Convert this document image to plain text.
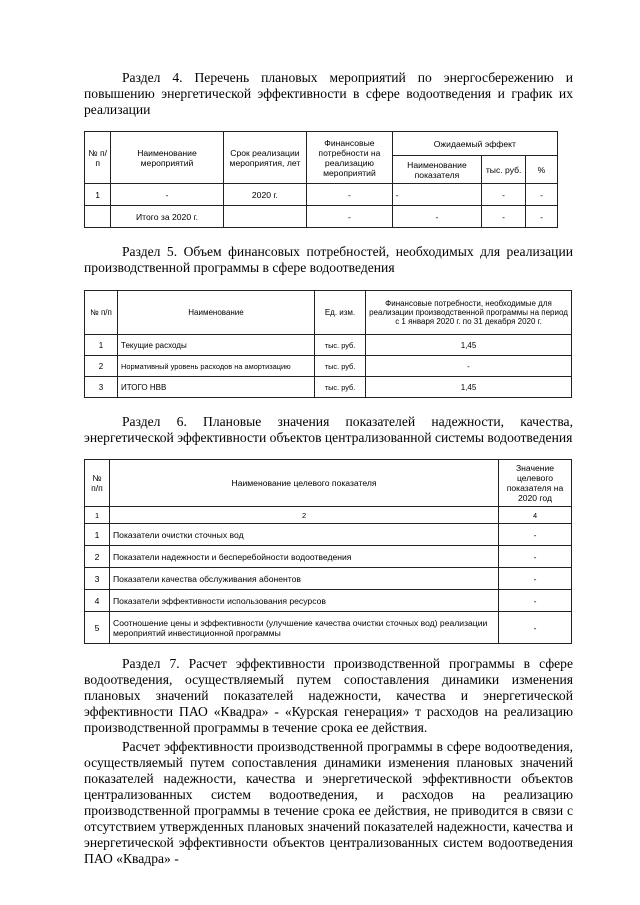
Раздел 4. Перечень плановых мероприятий по энергосбережению и повышению энергетической эффективности в сфере водоотведения и график их реализации

№ п/п	Наименование мероприятий	Срок реализации мероприятия, лет	Финансовые потребности на реализацию мероприятий	Ожидаемый эффект		
				Наименование показателя	тыс. руб.	%
1	-	2020 г.	-	-	-	-
	Итого за 2020 г.		-	-	-	-

Раздел 5. Объем финансовых потребностей, необходимых для реализации производственной программы в сфере водоотведения

№ п/п	Наименование	Ед. изм.	Финансовые потребности, необходимые для реализации производственной программы на период с 1 января 2020 г. по 31 декабря 2020 г.
1	Текущие расходы	тыс. руб.	1,45
2	Нормативный уровень расходов на амортизацию	тыс. руб.	-
3	ИТОГО НВВ	тыс. руб.	1,45

Раздел 6. Плановые значения показателей надежности, качества, энергетической эффективности объектов централизованной системы водоотведения

№ п/п	Наименование целевого показателя	Значение целевого показателя на 2020 год
1	2	4
1	Показатели очистки сточных вод	-
2	Показатели надежности и бесперебойности водоотведения	-
3	Показатели качества обслуживания абонентов	-
4	Показатели эффективности использования ресурсов	-
5	Соотношение цены и эффективности (улучшение качества очистки сточных вод) реализации мероприятий инвестиционной программы	-

Раздел 7. Расчет эффективности производственной программы в сфере водоотведения, осуществляемый путем сопоставления динамики изменения плановых значений показателей надежности, качества и энергетической эффективности ПАО «Квадра» - «Курская генерация» т расходов на реализацию производственной программы в течение срока ее действия.

Расчет эффективности производственной программы в сфере водоотведения, осуществляемый путем сопоставления динамики изменения плановых значений показателей надежности, качества и энергетической эффективности объектов централизованных систем водоотведения, и расходов на реализацию производственной программы в течение срока ее действия, не приводится в связи с отсутствием утвержденных плановых значений показателей надежности, качества и энергетической эффективности объектов централизованных систем водоотведения ПАО «Квадра» -
